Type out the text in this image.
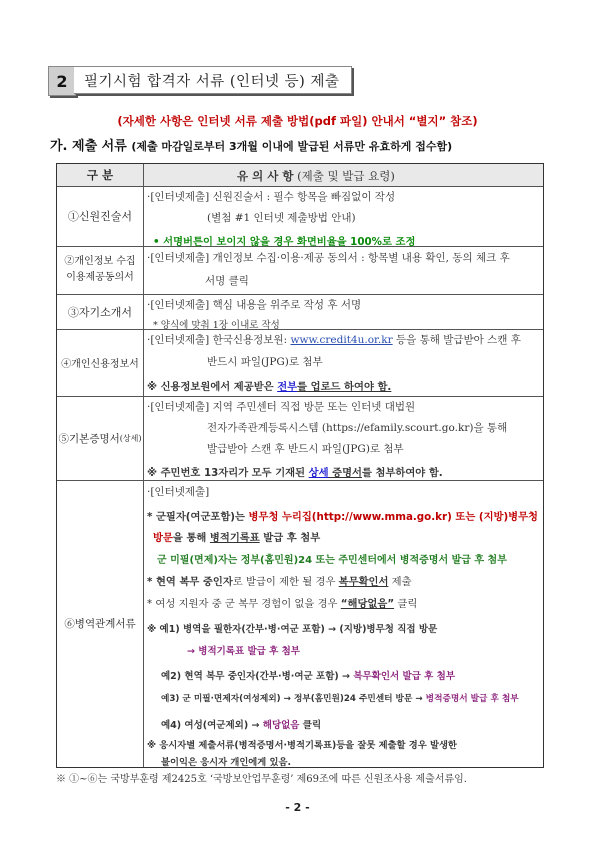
2	필기시험 합격자 서류 (인터넷 등) 제출
(자세한 사항은 인터넷 서류 제출 방법(pdf 파일) 안내서 “별지” 참조)
가. 제출 서류 (제출 마감일로부터 3개월 이내에 발급된 서류만 유효하게 접수함)
구 분	유 의 사 항 (제출 및 발급 요령)
①신원진술서
·[인터넷제출] 신원진술서 : 필수 항목을 빠짐없이 작성
(별첨 #1 인터넷 제출방법 안내)
• 서명버튼이 보이지 않을 경우 화면비율을 100%로 조정
②개인정보 수집
이용제공동의서
·[인터넷제출] 개인정보 수집·이용·제공 동의서 : 항목별 내용 확인, 동의 체크 후
서명 클릭
③자기소개서
·[인터넷제출] 핵심 내용을 위주로 작성 후 서명
* 양식에 맞춰 1장 이내로 작성
④개인신용정보서
·[인터넷제출] 한국신용정보원: www.credit4u.or.kr 등을 통해 발급받아 스캔 후
반드시 파일(JPG)로 첨부
※ 신용정보원에서 제공받은 전부를 업로드 하여야 함.
⑤기본증명서 (상세)
·[인터넷제출] 지역 주민센터 직접 방문 또는 인터넷 대법원
전자가족관계등록시스템 (https://efamily.scourt.go.kr)을 통해
발급받아 스캔 후 반드시 파일(JPG)로 첨부
※ 주민번호 13자리가 모두 기재된 상세 증명서를 첨부하여야 함.
⑥병역관계서류
·[인터넷제출]
* 군필자(여군포함)는 병무청 누리집(http://www.mma.go.kr) 또는 (지방)병무청
방문을 통해 병적기록표 발급 후 첨부
군 미필(면제)자는 정부(홈민원)24 또는 주민센터에서 병적증명서 발급 후 첨부
* 현역 복무 중인자로 발급이 제한 될 경우 복무확인서 제출
* 여성 지원자 중 군 복무 경험이 없을 경우 “해당없음” 클릭
※ 예1) 병역을 필한자(간부·병·여군 포함) → (지방)병무청 직접 방문
→ 병적기록표 발급 후 첨부
예2) 현역 복무 중인자(간부·병·여군 포함) → 복무확인서 발급 후 첨부
예3) 군 미필·면제자(여성제외) → 정부(홈민원)24 주민센터 방문 → 병적증명서 발급 후 첨부
예4) 여성(여군제외) → 해당없음 클릭
※ 응시자별 제출서류(병적증명서·병적기록표)등을 잘못 제출할 경우 발생한
불이익은 응시자 개인에게 있음.
※ ①~⑥는 국방부훈령 제2425호 ‘국방보안업무훈령’ 제69조에 따른 신원조사용 제출서류임.
- 2 -
